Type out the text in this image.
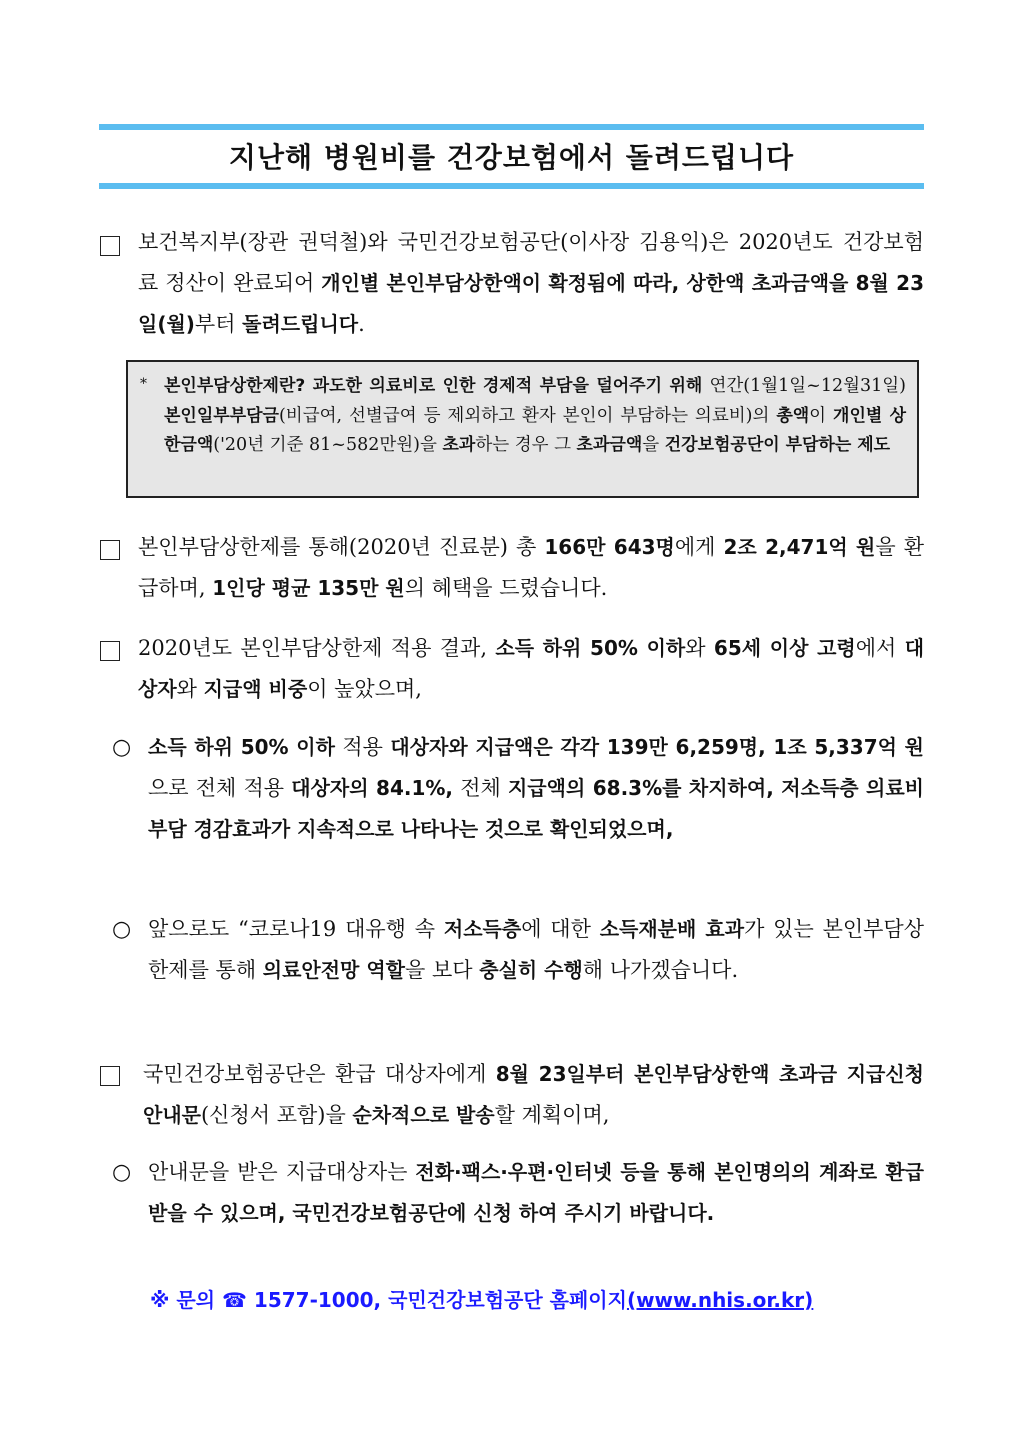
지난해 병원비를 건강보험에서 돌려드립니다
보건복지부(장관 권덕철)와 국민건강보험공단(이사장 김용익)은 2020년도 건강보험료 정산이 완료되어 개인별 본인부담상한액이 확정됨에 따라, 상한액 초과금액을 8월 23일(월)부터 돌려드립니다.
* 본인부담상한제란? 과도한 의료비로 인한 경제적 부담을 덜어주기 위해 연간(1월1일~12월31일) 본인일부부담금(비급여, 선별급여 등 제외하고 환자 본인이 부담하는 의료비)의 총액이 개인별 상한금액('20년 기준 81~582만원)을 초과하는 경우 그 초과금액을 건강보험공단이 부담하는 제도
본인부담상한제를 통해(2020년 진료분) 총 166만 643명에게 2조 2,471억 원을 환급하며, 1인당 평균 135만 원의 혜택을 드렸습니다.
2020년도 본인부담상한제 적용 결과, 소득 하위 50% 이하와 65세 이상 고령에서 대상자와 지급액 비중이 높았으며,
○ 소득 하위 50% 이하 적용 대상자와 지급액은 각각 139만 6,259명, 1조 5,337억 원으로 전체 적용 대상자의 84.1%, 전체 지급액의 68.3%를 차지하여, 저소득층 의료비 부담 경감효과가 지속적으로 나타나는 것으로 확인되었으며,
○ 앞으로도 “코로나19 대유행 속 저소득층에 대한 소득재분배 효과가 있는 본인부담상한제를 통해 의료안전망 역할을 보다 충실히 수행해 나가겠습니다.
국민건강보험공단은 환급 대상자에게 8월 23일부터 본인부담상한액 초과금 지급신청 안내문(신청서 포함)을 순차적으로 발송할 계획이며,
○ 안내문을 받은 지급대상자는 전화·팩스·우편·인터넷 등을 통해 본인명의의 계좌로 환급 받을 수 있으며, 국민건강보험공단에 신청 하여 주시기 바랍니다.
※ 문의 ☎ 1577-1000, 국민건강보험공단 홈페이지(www.nhis.or.kr)
